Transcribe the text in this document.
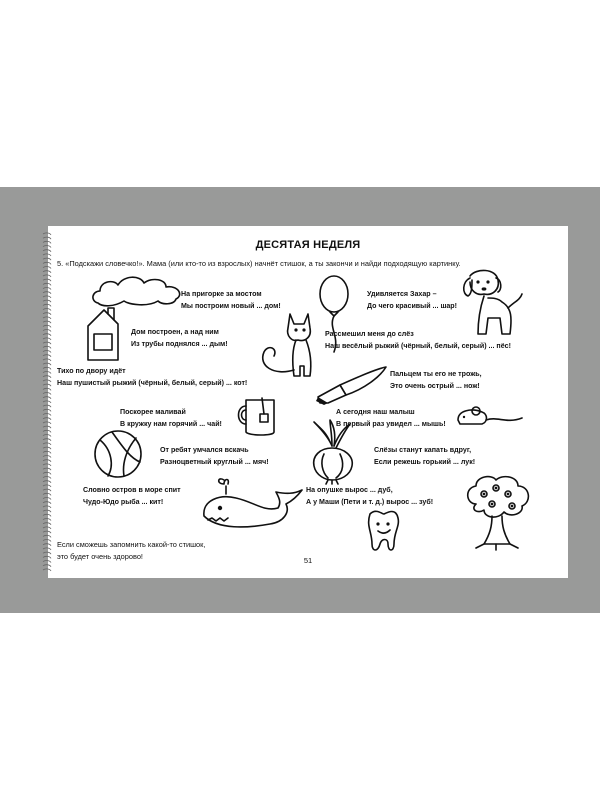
ДЕСЯТАЯ НЕДЕЛЯ
5. «Подскажи словечко!». Мама (или кто-то из взрослых) начнёт стишок, а ты закончи и найди подходящую картинку.
На пригорке за мостом
Мы построим новый ... дом!
Дом построен, а над ним
Из трубы поднялся ... дым!
Тихо по двору идёт
Наш пушистый рыжий (чёрный, белый, серый) ... кот!
Поскорее маливай
В кружку нам горячий ... чай!
От ребят умчался вскачь
Разноцветный круглый ... мяч!
Словно остров в море спит
Чудо-Юдо рыба ... кит!
Удивляется Захар –
До чего красивый ... шар!
Рассмешил меня до слёз
Наш весёлый рыжий (чёрный, белый, серый) ... пёс!
Пальцем ты его не трожь,
Это очень острый ... нож!
А сегодня наш малыш
В первый раз увидел ... мышь!
Слёзы станут капать вдруг,
Если режешь горький ... лук!
На опушке вырос ... дуб,
А у Маши (Пети и т. д.) вырос ... зуб!
Если сможешь запомнить какой-то стишок,
это будет очень здорово!	51
